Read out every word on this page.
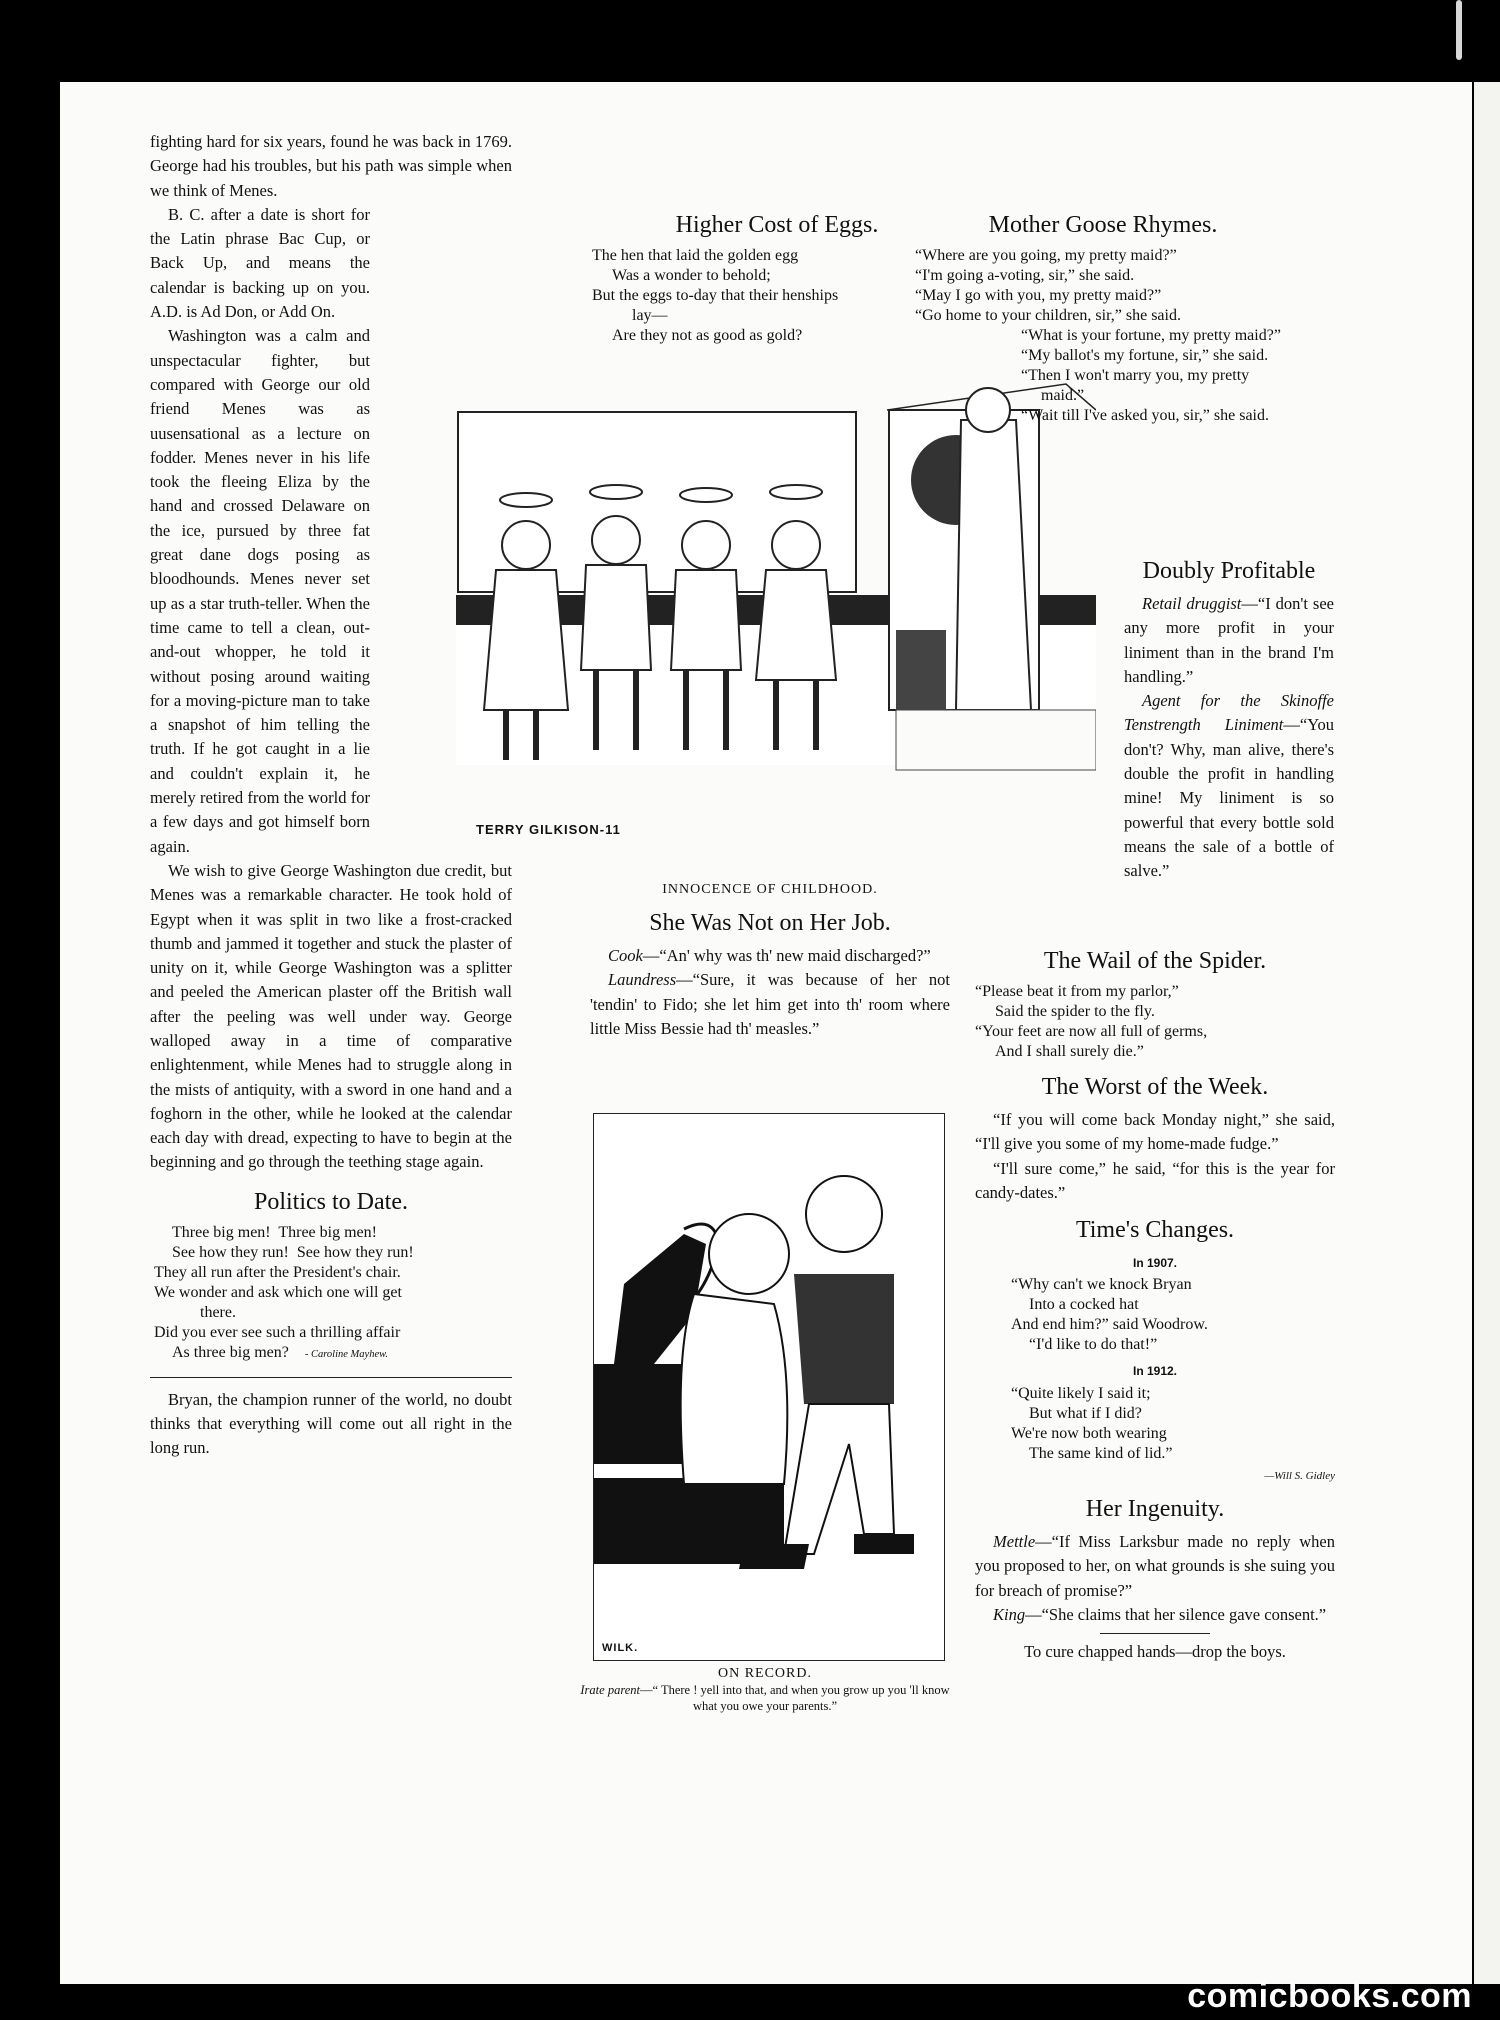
fighting hard for six years, found he was back in 1769. George had his troubles, but his path was simple when we think of Menes.

B. C. after a date is short for the Latin phrase Bac Cup, or Back Up, and means the calendar is backing up on you. A.D. is Ad Don, or Add On.

Washington was a calm and unspectacular fighter, but compared with George our old friend Menes was as uusensational as a lecture on fodder. Menes never in his life took the fleeing Eliza by the hand and crossed Delaware on the ice, pursued by three fat great dane dogs posing as bloodhounds. Menes never set up as a star truth-teller. When the time came to tell a clean, out-and-out whopper, he told it without posing around waiting for a moving-picture man to take a snapshot of him telling the truth. If he got caught in a lie and couldn't explain it, he merely retired from the world for a few days and got himself born again.

We wish to give George Washington due credit, but Menes was a remarkable character. He took hold of Egypt when it was split in two like a frost-cracked thumb and jammed it together and stuck the plaster of unity on it, while George Washington was a splitter and peeled the American plaster off the British wall after the peeling was well under way. George walloped away in a time of comparative enlightenment, while Menes had to struggle along in the mists of antiquity, with a sword in one hand and a foghorn in the other, while he looked at the calendar each day with dread, expecting to have to begin at the beginning and go through the teething stage again.

Politics to Date.
Three big men!  Three big men!
See how they run!  See how they run!
They all run after the President's chair.
We wonder and ask which one will get
there.
Did you ever see such a thrilling affair
As three big men? - Caroline Mayhew.

Bryan, the champion runner of the world, no doubt thinks that everything will come out all right in the long run.

Higher Cost of Eggs.
The hen that laid the golden egg
Was a wonder to behold;
But the eggs to-day that their henships
lay—
Are they not as good as gold?
TERRY GILKISON-11
INNOCENCE OF CHILDHOOD.
She Was Not on Her Job.

Cook—“An' why was th' new maid discharged?”

Laundress—“Sure, it was because of her not 'tendin' to Fido; she let him get into th' room where little Miss Bessie had th' measles.”

WILK.
ON RECORD.
Irate parent—“ There ! yell into that, and when you grow up you 'll know what you owe your parents.”
Mother Goose Rhymes.
“Where are you going, my pretty maid?”
“I'm going a-voting, sir,” she said.
“May I go with you, my pretty maid?”
“Go home to your children, sir,” she said.
“What is your fortune, my pretty maid?”
“My ballot's my fortune, sir,” she said.
“Then I won't marry you, my pretty maid.”
“Wait till I've asked you, sir,” she said.
Doubly Profitable

Retail druggist—“I don't see any more profit in your liniment than in the brand I'm handling.”

Agent for the Skinoffe Tenstrength Liniment—“You don't? Why, man alive, there's double the profit in handling mine! My liniment is so powerful that every bottle sold means the sale of a bottle of salve.”

The Wail of the Spider.
“Please beat it from my parlor,”
Said the spider to the fly.
“Your feet are now all full of germs,
And I shall surely die.”
The Worst of the Week.

“If you will come back Monday night,” she said, “I'll give you some of my home-made fudge.”

“I'll sure come,” he said, “for this is the year for candy-dates.”

Time's Changes.
In 1907.
“Why can't we knock Bryan
Into a cocked hat
And end him?” said Woodrow.
“I'd like to do that!”
In 1912.
“Quite likely I said it;
But what if I did?
We're now both wearing
The same kind of lid.”
—Will S. Gidley
Her Ingenuity.

Mettle—“If Miss Larksbur made no reply when you proposed to her, on what grounds is she suing you for breach of promise?”

King—“She claims that her silence gave consent.”

To cure chapped hands—drop the boys.

comicbooks.com
